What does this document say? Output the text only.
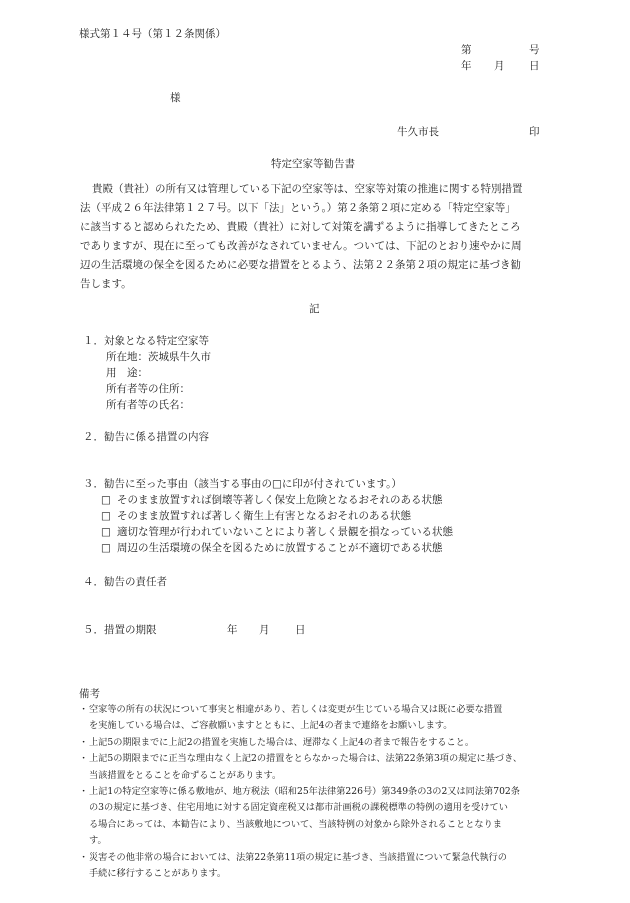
様式第１４号（第１２条関係）
第	号
年 月 日
様
牛久市長	印
特定空家等勧告書
貴殿（貴社）の所有又は管理している下記の空家等は、空家等対策の推進に関する特別措置
法（平成２６年法律第１２７号。以下「法」という。）第２条第２項に定める「特定空家等」
に該当すると認められたため、貴殿（貴社）に対して対策を講ずるように指導してきたところ
でありますが、現在に至っても改善がなされていません。ついては、下記のとおり速やかに周
辺の生活環境の保全を図るために必要な措置をとるよう、法第２２条第２項の規定に基づき勧
告します。
記
１．対象となる特定空家等
所在地：茨城県牛久市
用　途：
所有者等の住所：
所有者等の氏名：
２．勧告に係る措置の内容
３．勧告に至った事由（該当する事由の□に印が付されています。）
□ そのまま放置すれば倒壊等著しく保安上危険となるおそれのある状態
□ そのまま放置すれば著しく衛生上有害となるおそれのある状態
□ 適切な管理が行われていないことにより著しく景観を損なっている状態
□ 周辺の生活環境の保全を図るために放置することが不適切である状態
４．勧告の責任者
５．措置の期限	年 月 日
備考
・ 空家等の所有の状況について事実と相違があり、若しくは変更が生じている場合又は既に必要な措置
を実施している場合は、ご容赦願いますとともに、上記4の者まで連絡をお願いします。
・ 上記5の期限までに上記2の措置を実施した場合は、遅滞なく上記4の者まで報告をすること。
・ 上記5の期限までに正当な理由なく上記2の措置をとらなかった場合は、法第22条第3項の規定に基づき、
当該措置をとることを命ずることがあります。
・ 上記1の特定空家等に係る敷地が、地方税法（昭和25年法律第226号）第349条の3の2又は同法第702条
の3の規定に基づき、住宅用地に対する固定資産税又は都市計画税の課税標準の特例の適用を受けてい
る場合にあっては、本勧告により、当該敷地について、当該特例の対象から除外されることとなりま
す。
・ 災害その他非常の場合においては、法第22条第11項の規定に基づき、当該措置について緊急代執行の
手続に移行することがあります。
